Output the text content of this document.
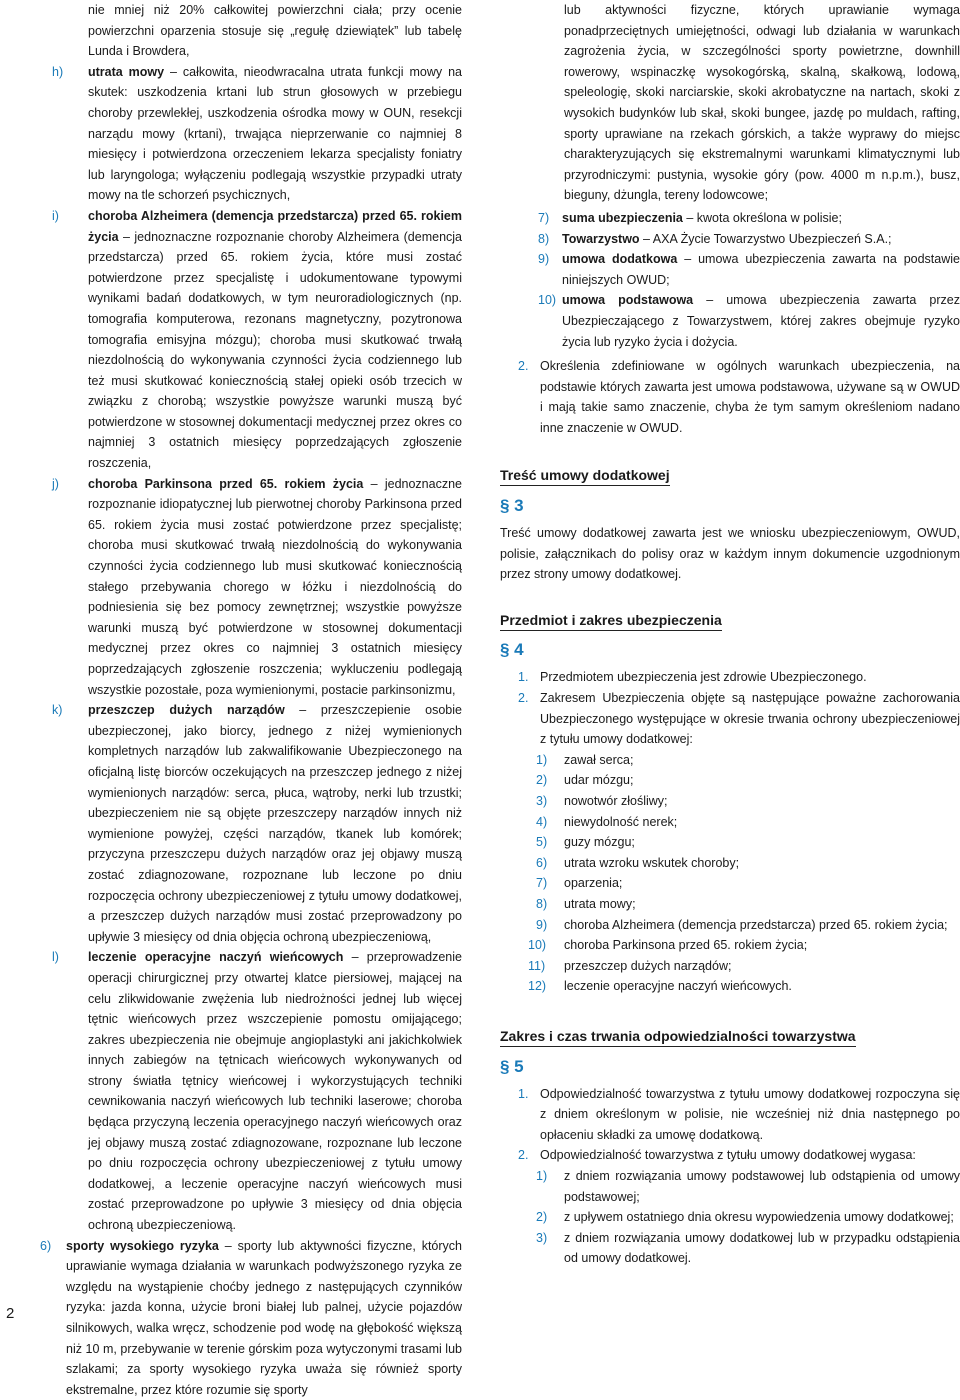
nie mniej niż 20% całkowitej powierzchni ciała; przy ocenie powierzchni oparzenia stosuje się „regułę dziewiątek” lub tabelę Lunda i Browdera,

h) utrata mowy – całkowita, nieodwracalna utrata funkcji mowy na skutek: uszkodzenia krtani lub strun głosowych w przebiegu choroby przewlekłej, uszkodzenia ośrodka mowy w OUN, resekcji narządu mowy (krtani), trwająca nieprzerwanie co najmniej 8 miesięcy i potwierdzona orzeczeniem lekarza specjalisty foniatry lub laryngologa; wyłączeniu podlegają wszystkie przypadki utraty mowy na tle schorzeń psychicznych,
i) choroba Alzheimera (demencja przedstarcza) przed 65. rokiem życia – jednoznaczne rozpoznanie choroby Alzheimera (demencja przedstarcza) przed 65. rokiem życia, które musi zostać potwierdzone przez specjalistę i udokumentowane typowymi wynikami badań dodatkowych, w tym neuroradiologicznych (np. tomografia komputerowa, rezonans magnetyczny, pozytronowa tomografia emisyjna mózgu); choroba musi skutkować trwałą niezdolnością do wykonywania czynności życia codziennego lub też musi skutkować koniecznością stałej opieki osób trzecich w związku z chorobą; wszystkie powyższe warunki muszą być potwierdzone w stosownej dokumentacji medycznej przez okres co najmniej 3 ostatnich miesięcy poprzedzających zgłoszenie roszczenia,
j) choroba Parkinsona przed 65. rokiem życia – jednoznaczne rozpoznanie idiopatycznej lub pierwotnej choroby Parkinsona przed 65. rokiem życia musi zostać potwierdzone przez specjalistę; choroba musi skutkować trwałą niezdolnością do wykonywania czynności życia codziennego lub musi skutkować koniecznością stałego przebywania chorego w łóżku i niezdolnością do podniesienia się bez pomocy zewnętrznej; wszystkie powyższe warunki muszą być potwierdzone w stosownej dokumentacji medycznej przez okres co najmniej 3 ostatnich miesięcy poprzedzających zgłoszenie roszczenia; wykluczeniu podlegają wszystkie pozostałe, poza wymienionymi, postacie parkinsonizmu,
k) przeszczep dużych narządów – przeszczepienie osobie ubezpieczonej, jako biorcy, jednego z niżej wymienionych kompletnych narządów lub zakwalifikowanie Ubezpieczonego na oficjalną listę biorców oczekujących na przeszczep jednego z niżej wymienionych narządów: serca, płuca, wątroby, nerki lub trzustki; ubezpieczeniem nie są objęte przeszczepy narządów innych niż wymienione powyżej, części narządów, tkanek lub komórek; przyczyna przeszczepu dużych narządów oraz jej objawy muszą zostać zdiagnozowane, rozpoznane lub leczone po dniu rozpoczęcia ochrony ubezpieczeniowej z tytułu umowy dodatkowej, a przeszczep dużych narządów musi zostać przeprowadzony po upływie 3 miesięcy od dnia objęcia ochroną ubezpieczeniową,
l) leczenie operacyjne naczyń wieńcowych – przeprowadzenie operacji chirurgicznej przy otwartej klatce piersiowej, mającej na celu zlikwidowanie zwężenia lub niedrożności jednej lub więcej tętnic wieńcowych przez wszczepienie pomostu omijającego; zakres ubezpieczenia nie obejmuje angioplastyki ani jakichkolwiek innych zabiegów na tętnicach wieńcowych wykonywanych od strony światła tętnicy wieńcowej i wykorzystujących techniki cewnikowania naczyń wieńcowych lub techniki laserowe; choroba będąca przyczyną leczenia operacyjnego naczyń wieńcowych oraz jej objawy muszą zostać zdiagnozowane, rozpoznane lub leczone po dniu rozpoczęcia ochrony ubezpieczeniowej z tytułu umowy dodatkowej, a leczenie operacyjne naczyń wieńcowych musi zostać przeprowadzone po upływie 3 miesięcy od dnia objęcia ochroną ubezpieczeniową.
6) sporty wysokiego ryzyka – sporty lub aktywności fizyczne, których uprawianie wymaga działania w warunkach podwyższonego ryzyka ze względu na wystąpienie choćby jednego z następujących czynników ryzyka: jazda konna, użycie broni białej lub palnej, użycie pojazdów silnikowych, walka wręcz, schodzenie pod wodę na głębokość większą niż 10 m, przebywanie w terenie górskim poza wytyczonymi trasami lub szlakami; za sporty wysokiego ryzyka uważa się również sporty ekstremalne, przez które rozumie się sporty

lub aktywności fizyczne, których uprawianie wymaga ponadprzeciętnych umiejętności, odwagi lub działania w warunkach zagrożenia życia, w szczególności sporty powietrzne, downhill rowerowy, wspinaczkę wysokogórską, skalną, skałkową, lodową, speleologię, skoki narciarskie, skoki akrobatyczne na nartach, skoki z wysokich budynków lub skał, skoki bungee, jazdę po muldach, rafting, sporty uprawiane na rzekach górskich, a także wyprawy do miejsc charakteryzujących się ekstremalnymi warunkami klimatycznymi lub przyrodniczymi: pustynia, wysokie góry (pow. 4000 m n.p.m.), busz, bieguny, dżungla, tereny lodowcowe;

7) suma ubezpieczenia – kwota określona w polisie;
8) Towarzystwo – AXA Życie Towarzystwo Ubezpieczeń S.A.;
9) umowa dodatkowa – umowa ubezpieczenia zawarta na podstawie niniejszych OWUD;
10) umowa podstawowa – umowa ubezpieczenia zawarta przez Ubezpieczającego z Towarzystwem, której zakres obejmuje ryzyko życia lub ryzyko życia i dożycia.
2. Określenia zdefiniowane w ogólnych warunkach ubezpieczenia, na podstawie których zawarta jest umowa podstawowa, używane są w OWUD i mają takie samo znaczenie, chyba że tym samym określeniom nadano inne znaczenie w OWUD.

Treść umowy dodatkowej

§ 3

Treść umowy dodatkowej zawarta jest we wniosku ubezpieczeniowym, OWUD, polisie, załącznikach do polisy oraz w każdym innym dokumencie uzgodnionym przez strony umowy dodatkowej.

Przedmiot i zakres ubezpieczenia

§ 4
1. Przedmiotem ubezpieczenia jest zdrowie Ubezpieczonego.
2. Zakresem Ubezpieczenia objęte są następujące poważne zachorowania Ubezpieczonego występujące w okresie trwania ochrony ubezpieczeniowej z tytułu umowy dodatkowej:
1) zawał serca;
2) udar mózgu;
3) nowotwór złośliwy;
4) niewydolność nerek;
5) guzy mózgu;
6) utrata wzroku wskutek choroby;
7) oparzenia;
8) utrata mowy;
9) choroba Alzheimera (demencja przedstarcza) przed 65. rokiem życia;
10) choroba Parkinsona przed 65. rokiem życia;
11) przeszczep dużych narządów;
12) leczenie operacyjne naczyń wieńcowych.

Zakres i czas trwania odpowiedzialności towarzystwa

§ 5
1. Odpowiedzialność towarzystwa z tytułu umowy dodatkowej rozpoczyna się z dniem określonym w polisie, nie wcześniej niż dnia następnego po opłaceniu składki za umowę dodatkową.
2. Odpowiedzialność towarzystwa z tytułu umowy dodatkowej wygasa:
1) z dniem rozwiązania umowy podstawowej lub odstąpienia od umowy podstawowej;
2) z upływem ostatniego dnia okresu wypowiedzenia umowy dodatkowej;
3) z dniem rozwiązania umowy dodatkowej lub w przypadku odstąpienia od umowy dodatkowej.
2
